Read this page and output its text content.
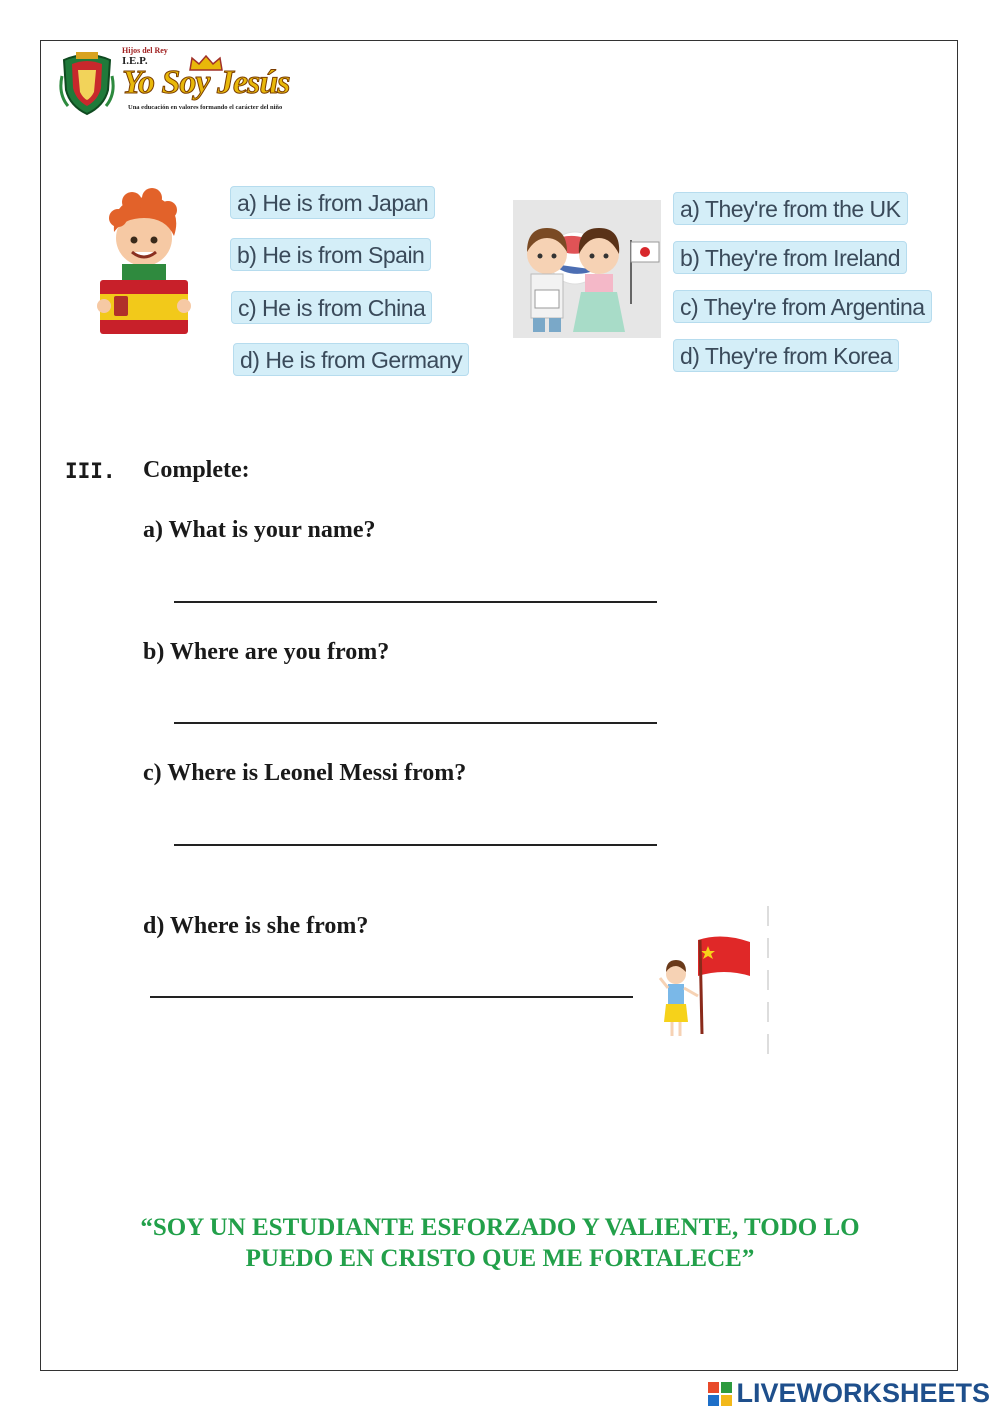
Hijos del Rey
I.E.P.
Yo Soy Jesús
Una educación en valores formando el carácter del niño
a) He is from Japan
b) He is from Spain
c) He is from China
d) He is from Germany
a) They're from the UK
b) They're from Ireland
c) They're from Argentina
d) They're from Korea
III. Complete:
a) What is your name?
b) Where are you from?
c) Where is Leonel Messi from?
d) Where is she from?
“SOY UN ESTUDIANTE ESFORZADO Y VALIENTE, TODO LO
PUEDO EN CRISTO QUE ME FORTALECE”
LIVEWORKSHEETS
